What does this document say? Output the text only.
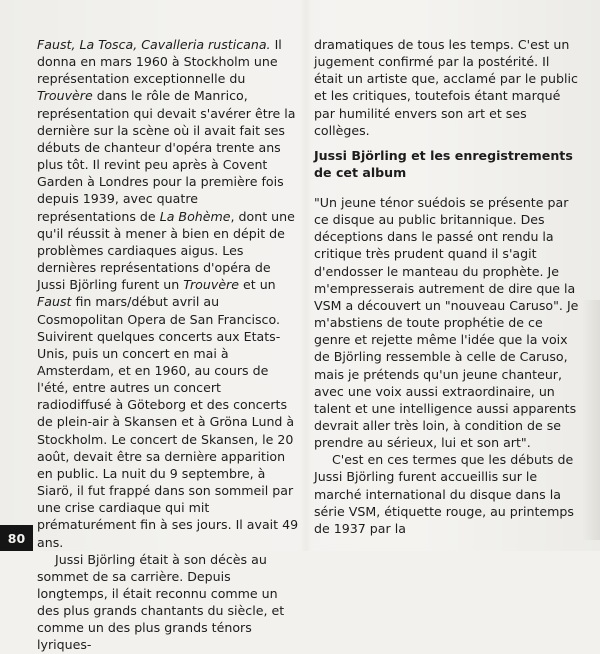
Faust, La Tosca, Cavalleria rusticana. Il donna en mars 1960 à Stockholm une représentation exceptionnelle du Trouvère dans le rôle de Manrico, représentation qui devait s'avérer être la dernière sur la scène où il avait fait ses débuts de chanteur d'opéra trente ans plus tôt. Il revint peu après à Covent Garden à Londres pour la première fois depuis 1939, avec quatre représentations de La Bohème, dont une qu'il réussit à mener à bien en dépit de problèmes cardiaques aigus. Les dernières représentations d'opéra de Jussi Björling furent un Trouvère et un Faust fin mars/début avril au Cosmopolitan Opera de San Francisco. Suivirent quelques concerts aux Etats-Unis, puis un concert en mai à Amsterdam, et en 1960, au cours de l'été, entre autres un concert radiodiffusé à Göteborg et des concerts de plein-air à Skansen et à Gröna Lund à Stockholm. Le concert de Skansen, le 20 août, devait être sa dernière apparition en public. La nuit du 9 septembre, à Siarö, il fut frappé dans son sommeil par une crise cardiaque qui mit prématurément fin à ses jours. Il avait 49 ans.

Jussi Björling était à son décès au sommet de sa carrière. Depuis longtemps, il était reconnu comme un des plus grands chantants du siècle, et comme un des plus grands ténors lyriques-

dramatiques de tous les temps. C'est un jugement confirmé par la postérité. Il était un artiste que, acclamé par le public et les critiques, toutefois étant marqué par humilité envers son art et ses collèges.

Jussi Björling et les enregistrements de cet album

"Un jeune ténor suédois se présente par ce disque au public britannique. Des déceptions dans le passé ont rendu la critique très prudent quand il s'agit d'endosser le manteau du prophète. Je m'empresserais autrement de dire que la VSM a découvert un "nouveau Caruso". Je m'abstiens de toute prophétie de ce genre et rejette même l'idée que la voix de Björling ressemble à celle de Caruso, mais je prétends qu'un jeune chanteur, avec une voix aussi extraordinaire, un talent et une intelligence aussi apparents devrait aller très loin, à condition de se prendre au sérieux, lui et son art".

C'est en ces termes que les débuts de Jussi Björling furent accueillis sur le marché international du disque dans la série VSM, étiquette rouge, au printemps de 1937 par la

80
